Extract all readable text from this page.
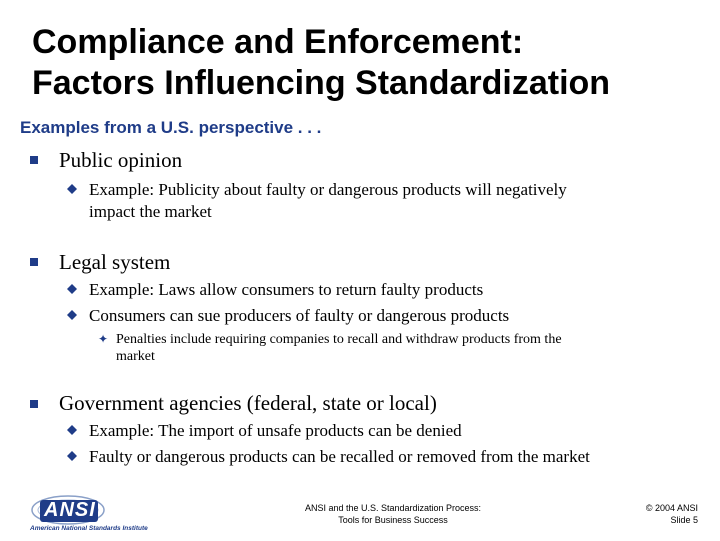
Compliance and Enforcement:
Factors Influencing Standardization
Examples from a U.S. perspective . . .
Public opinion
Example: Publicity about faulty or dangerous products will negatively
impact the market
Legal system
Example: Laws allow consumers to return faulty products
Consumers can sue producers of faulty or dangerous products
✦ Penalties include requiring companies to recall and withdraw products from the
market
Government agencies (federal, state or local)
Example: The import of unsafe products can be denied
Faulty or dangerous products can be recalled or removed from the market
ANSI
American National Standards Institute
ANSI and the U.S. Standardization Process:
Tools for Business Success
© 2004 ANSI
Slide 5
